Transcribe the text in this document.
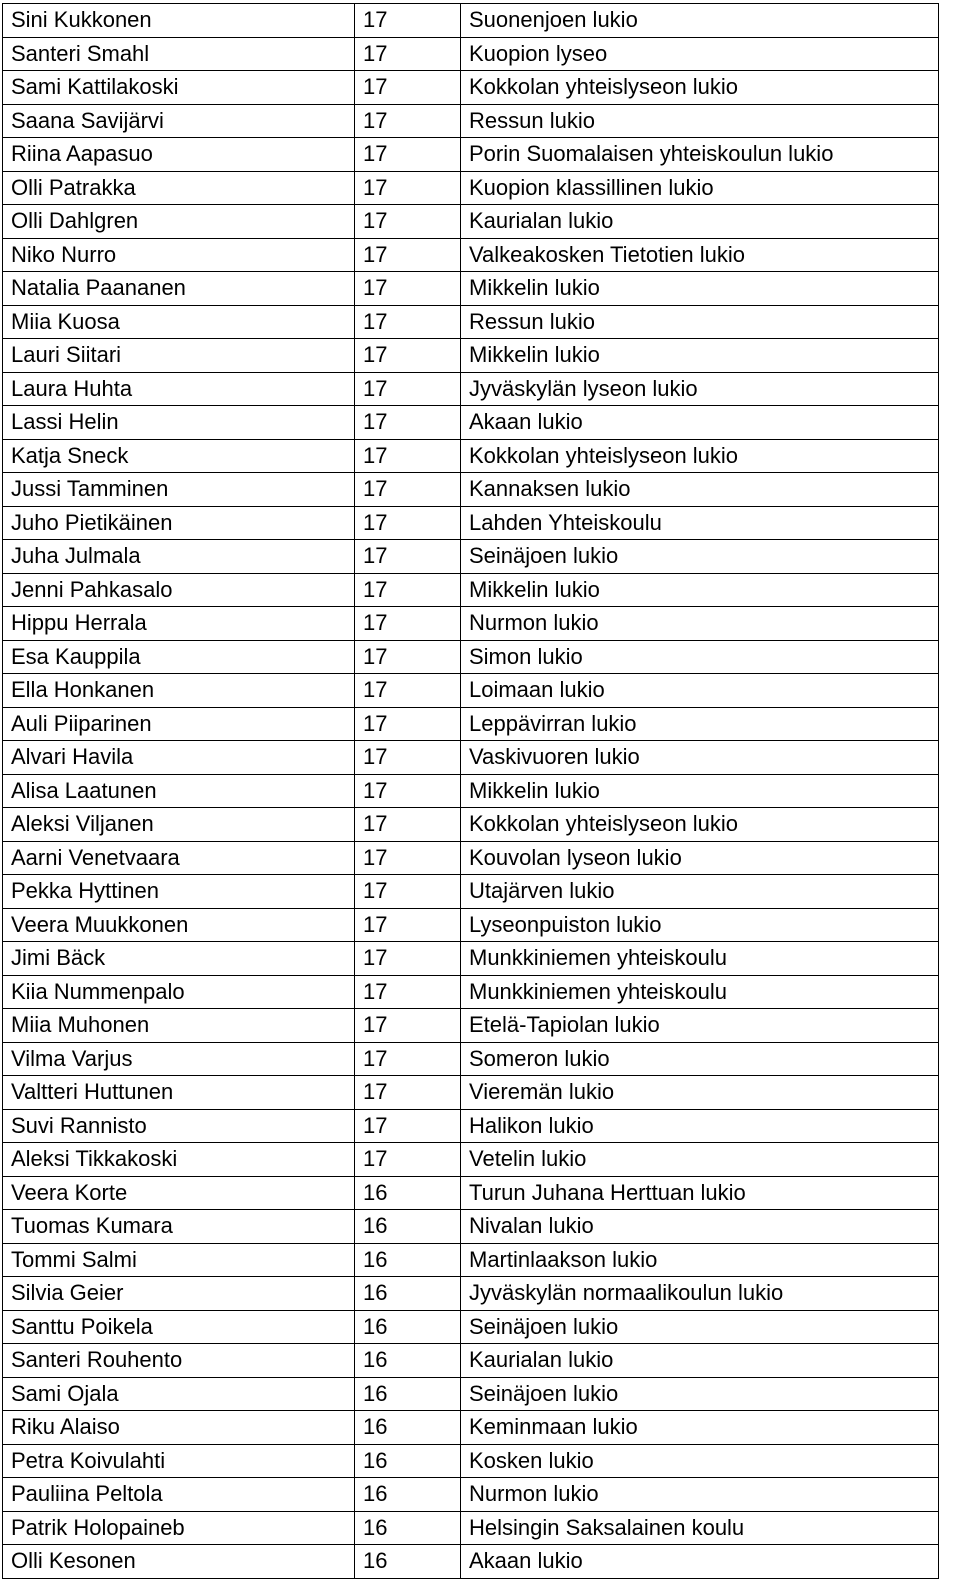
Sini Kukkonen	17	Suonenjoen lukio
Santeri Smahl	17	Kuopion lyseo
Sami Kattilakoski	17	Kokkolan yhteislyseon lukio
Saana Savijärvi	17	Ressun lukio
Riina Aapasuo	17	Porin Suomalaisen yhteiskoulun lukio
Olli Patrakka	17	Kuopion klassillinen lukio
Olli Dahlgren	17	Kaurialan lukio
Niko Nurro	17	Valkeakosken Tietotien lukio
Natalia Paananen	17	Mikkelin lukio
Miia Kuosa	17	Ressun lukio
Lauri Siitari	17	Mikkelin lukio
Laura Huhta	17	Jyväskylän lyseon lukio
Lassi Helin	17	Akaan lukio
Katja Sneck	17	Kokkolan yhteislyseon lukio
Jussi Tamminen	17	Kannaksen lukio
Juho Pietikäinen	17	Lahden Yhteiskoulu
Juha Julmala	17	Seinäjoen lukio
Jenni Pahkasalo	17	Mikkelin lukio
Hippu Herrala	17	Nurmon lukio
Esa Kauppila	17	Simon lukio
Ella Honkanen	17	Loimaan lukio
Auli Piiparinen	17	Leppävirran lukio
Alvari Havila	17	Vaskivuoren lukio
Alisa Laatunen	17	Mikkelin lukio
Aleksi Viljanen	17	Kokkolan yhteislyseon lukio
Aarni Venetvaara	17	Kouvolan lyseon lukio
Pekka Hyttinen	17	Utajärven lukio
Veera Muukkonen	17	Lyseonpuiston lukio
Jimi Bäck	17	Munkkiniemen yhteiskoulu
Kiia Nummenpalo	17	Munkkiniemen yhteiskoulu
Miia Muhonen	17	Etelä-Tapiolan lukio
Vilma Varjus	17	Someron lukio
Valtteri Huttunen	17	Vieremän lukio
Suvi Rannisto	17	Halikon lukio
Aleksi Tikkakoski	17	Vetelin lukio
Veera Korte	16	Turun Juhana Herttuan lukio
Tuomas Kumara	16	Nivalan lukio
Tommi Salmi	16	Martinlaakson lukio
Silvia Geier	16	Jyväskylän normaalikoulun lukio
Santtu Poikela	16	Seinäjoen lukio
Santeri Rouhento	16	Kaurialan lukio
Sami Ojala	16	Seinäjoen lukio
Riku Alaiso	16	Keminmaan lukio
Petra Koivulahti	16	Kosken lukio
Pauliina Peltola	16	Nurmon lukio
Patrik Holopaineb	16	Helsingin Saksalainen koulu
Olli Kesonen	16	Akaan lukio
